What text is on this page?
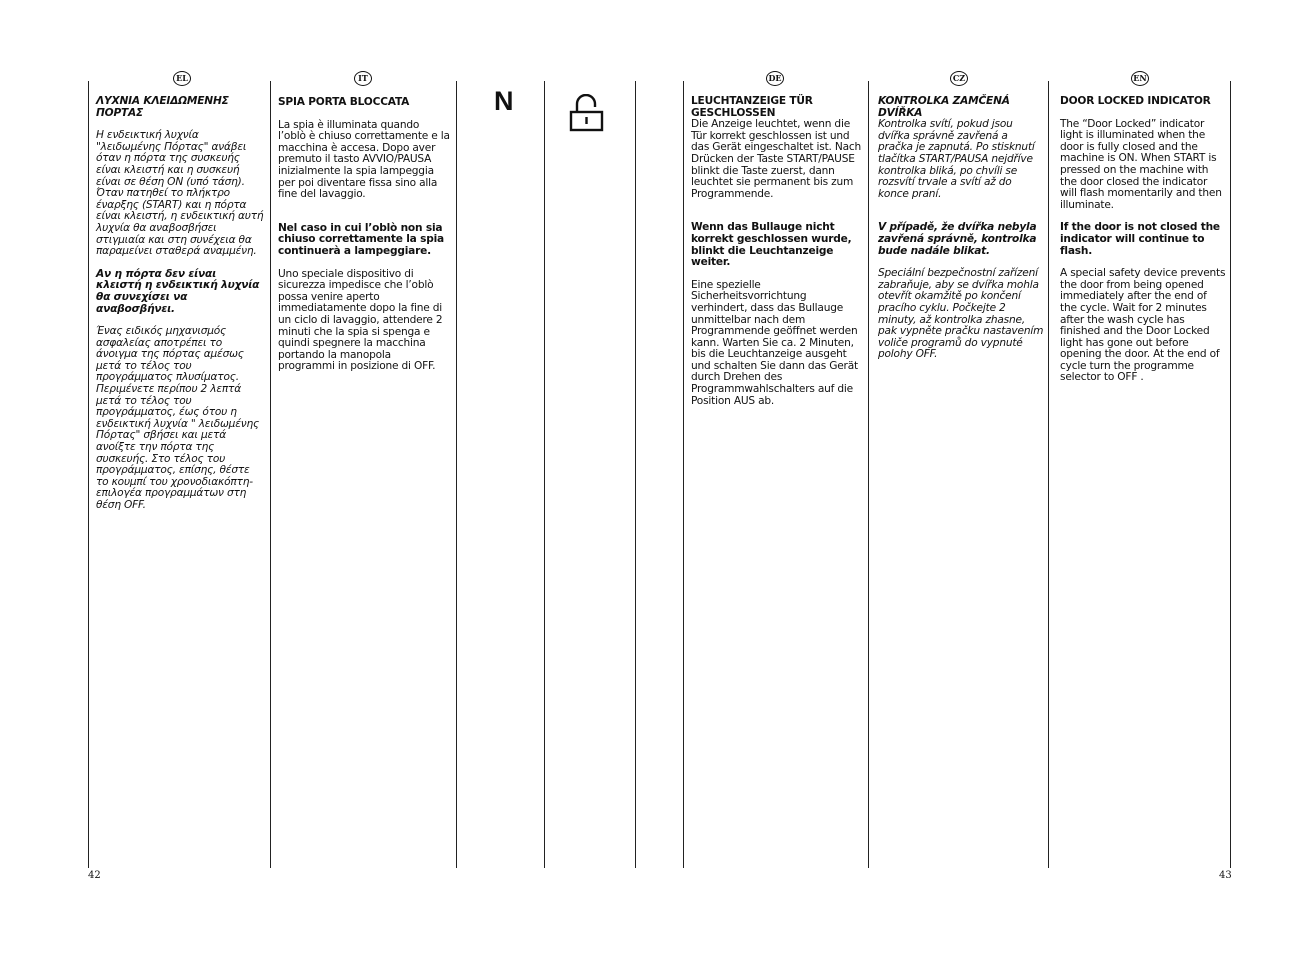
EL	IT	DE	CZ	EN

ΛΥΧΝΙΑ ΚΛΕΙΔΩΜΕΝΗΣ ΠΟΡΤΑΣ

Η ενδεικτική λυχνία "λειδωμένης Πόρτας" ανάβει όταν η πόρτα της συσκευής είναι κλειστή και η συσκευή είναι σε θέση ON (υπό τάση). Όταν πατηθεί το πλήκτρο έναρξης (START) και η πόρτα είναι κλειστή, η ενδεικτική αυτή λυχνία θα αναβοσβήσει στιγμιαία και στη συνέχεια θα παραμείνει σταθερά αναμμένη.

Αν η πόρτα δεν είναι κλειστή η ενδεικτική λυχνία θα συνεχίσει να αναβοσβήνει.

Ένας ειδικός μηχανισμός ασφαλείας αποτρέπει το άνοιγμα της πόρτας αμέσως μετά το τέλος του προγράμματος πλυσίματος. Περιμένετε περίπου 2 λεπτά μετά το τέλος του προγράμματος, έως ότου η ενδεικτική λυχνία " λειδωμένης Πόρτας" σβήσει και μετά ανοίξτε την πόρτα της συσκευής. Στο τέλος του προγράμματος, επίσης, θέστε το κουμπί του χρονοδιακόπτη-επιλογέα προγραμμάτων στη θέση OFF.

SPIA PORTA BLOCCATA

La spia è illuminata quando l’oblò è chiuso correttamente e la macchina è accesa. Dopo aver premuto il tasto AVVIO/PAUSA inizialmente la spia lampeggia per poi diventare fissa sino alla fine del lavaggio.

Nel caso in cui l’oblò non sia chiuso correttamente la spia continuerà a lampeggiare.

Uno speciale dispositivo di sicurezza impedisce che l’oblò possa venire aperto immediatamente dopo la fine di un ciclo di lavaggio, attendere 2 minuti che la spia si spenga e quindi spegnere la macchina portando la manopola programmi in posizione di OFF.

N	LEUCHTANZEIGE TÜR GESCHLOSSEN

Die Anzeige leuchtet, wenn die Tür korrekt geschlossen ist und das Gerät eingeschaltet ist. Nach Drücken der Taste START/PAUSE blinkt die Taste zuerst, dann leuchtet sie permanent bis zum Programmende.

Wenn das Bullauge nicht korrekt geschlossen wurde, blinkt die Leuchtanzeige weiter.

Eine spezielle Sicherheitsvorrichtung verhindert, dass das Bullauge unmittelbar nach dem Programmende geöffnet werden kann. Warten Sie ca. 2 Minuten, bis die Leuchtanzeige ausgeht und schalten Sie dann das Gerät durch Drehen des Programmwahlschalters auf die Position AUS ab.

KONTROLKA ZAMČENÁ DVÍŘKA

Kontrolka svítí, pokud jsou dvířka správně zavřená a pračka je zapnutá. Po stisknutí tlačítka START/PAUSA nejdříve kontrolka bliká, po chvíli se rozsvítí trvale a svítí až do konce praní.

V případě, že dvířka nebyla zavřená správně, kontrolka bude nadále blikat.

Speciální bezpečnostní zařízení zabraňuje, aby se dvířka mohla otevřít okamžitě po končení pracího cyklu. Počkejte 2 minuty, až kontrolka zhasne, pak vypněte pračku nastavením voliče programů do vypnuté polohy OFF.

DOOR LOCKED INDICATOR

The “Door Locked” indicator light is illuminated when the door is fully closed and the machine is ON. When START is pressed on the machine with the door closed the indicator will flash momentarily and then illuminate.

If the door is not closed the indicator will continue to flash.

A special safety device prevents the door from being opened immediately after the end of the cycle. Wait for 2 minutes after the wash cycle has finished and the Door Locked light has gone out before opening the door. At the end of cycle turn the programme selector to OFF .

42	43
